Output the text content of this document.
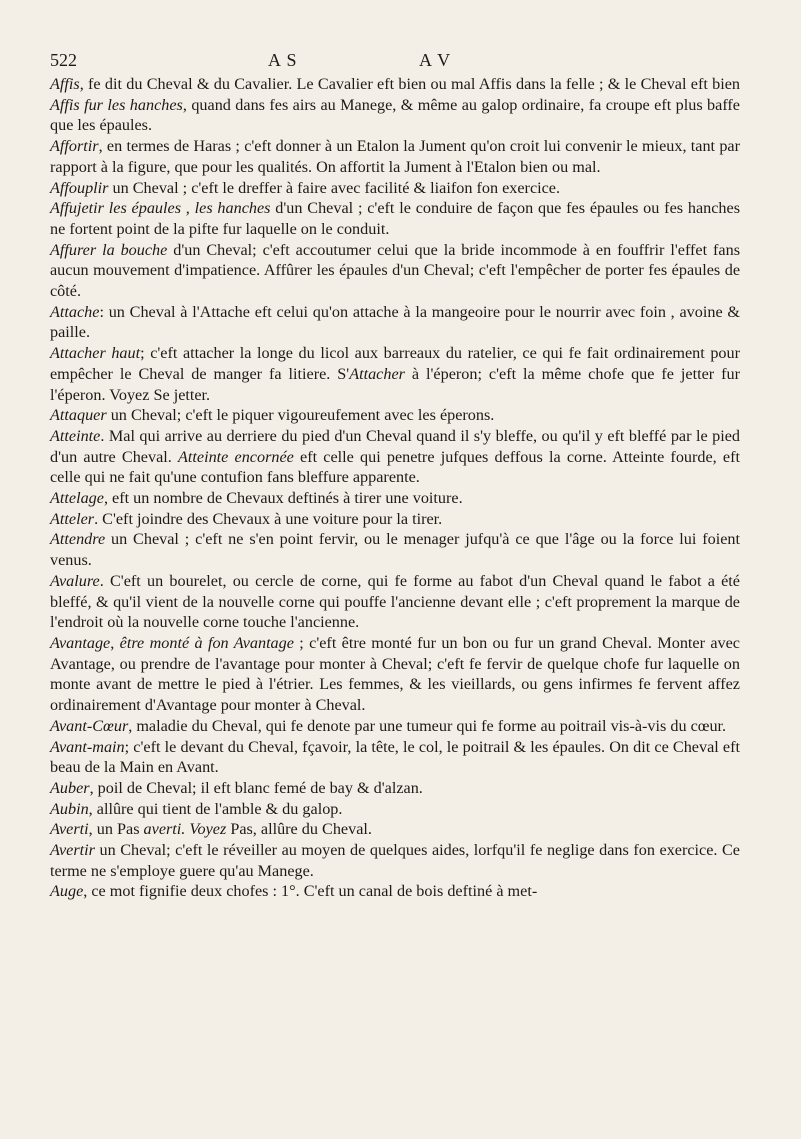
522	A S	A V

Affis, fe dit du Cheval & du Cavalier. Le Cavalier eft bien ou mal Affis dans la felle ; & le Cheval eft bien Affis fur les hanches, quand dans fes airs au Manege, & même au galop ordinaire, fa croupe eft plus baffe que les épaules.

Affortir, en termes de Haras ; c'eft donner à un Etalon la Jument qu'on croit lui convenir le mieux, tant par rapport à la figure, que pour les qualités. On affortit la Jument à l'Etalon bien ou mal.

Affouplir un Cheval ; c'eft le dreffer à faire avec facilité & liaifon fon exercice.

Affujetir les épaules , les hanches d'un Cheval ; c'eft le conduire de façon que fes épaules ou fes hanches ne fortent point de la pifte fur laquelle on le conduit.

Affurer la bouche d'un Cheval; c'eft accoutumer celui que la bride incommode à en fouffrir l'effet fans aucun mouvement d'impatience. Affûrer les épaules d'un Cheval; c'eft l'empêcher de porter fes épaules de côté.

Attache: un Cheval à l'Attache eft celui qu'on attache à la mangeoire pour le nourrir avec foin , avoine & paille.

Attacher haut; c'eft attacher la longe du licol aux barreaux du ratelier, ce qui fe fait ordinairement pour empêcher le Cheval de manger fa litiere. S'Attacher à l'éperon; c'eft la même chofe que fe jetter fur l'éperon. Voyez Se jetter.

Attaquer un Cheval; c'eft le piquer vigoureufement avec les éperons.

Atteinte. Mal qui arrive au derriere du pied d'un Cheval quand il s'y bleffe, ou qu'il y eft bleffé par le pied d'un autre Cheval. Atteinte encornée eft celle qui penetre jufques deffous la corne. Atteinte fourde, eft celle qui ne fait qu'une contufion fans bleffure apparente.

Attelage, eft un nombre de Chevaux deftinés à tirer une voiture.

Atteler. C'eft joindre des Chevaux à une voiture pour la tirer.

Attendre un Cheval ; c'eft ne s'en point fervir, ou le menager jufqu'à ce que l'âge ou la force lui foient venus.

Avalure. C'eft un bourelet, ou cercle de corne, qui fe forme au fabot d'un Cheval quand le fabot a été bleffé, & qu'il vient de la nouvelle corne qui pouffe l'ancienne devant elle ; c'eft proprement la marque de l'endroit où la nouvelle corne touche l'ancienne.

Avantage, être monté à fon Avantage ; c'eft être monté fur un bon ou fur un grand Cheval. Monter avec Avantage, ou prendre de l'avantage pour monter à Cheval; c'eft fe fervir de quelque chofe fur laquelle on monte avant de mettre le pied à l'étrier. Les femmes, & les vieillards, ou gens infirmes fe fervent affez ordinairement d'Avantage pour monter à Cheval.

Avant-Cœur, maladie du Cheval, qui fe denote par une tumeur qui fe forme au poitrail vis-à-vis du cœur.

Avant-main; c'eft le devant du Cheval, fçavoir, la tête, le col, le poitrail & les épaules. On dit ce Cheval eft beau de la Main en Avant.

Auber, poil de Cheval; il eft blanc femé de bay & d'alzan.

Aubin, allûre qui tient de l'amble & du galop.

Averti, un Pas averti. Voyez Pas, allûre du Cheval.

Avertir un Cheval; c'eft le réveiller au moyen de quelques aides, lorfqu'il fe neglige dans fon exercice. Ce terme ne s'employe guere qu'au Manege.

Auge, ce mot fignifie deux chofes : 1°. C'eft un canal de bois deftiné à met-
